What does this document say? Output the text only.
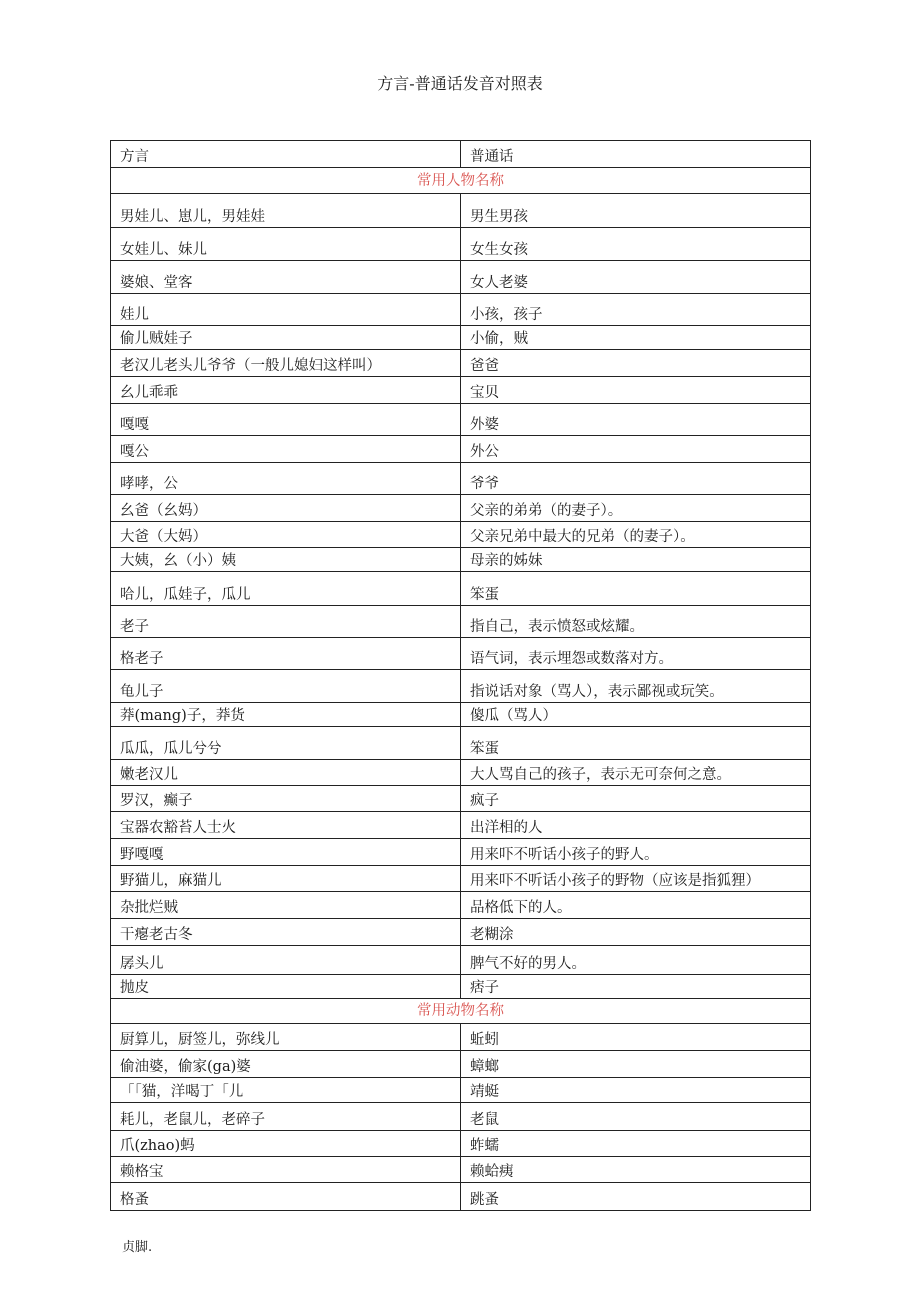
方言-普通话发音对照表
方言	普通话
常用人物名称	
男娃儿、崽儿，男娃娃	男生男孩
女娃儿、妹儿	女生女孩
婆娘、堂客	女人老婆
娃儿	小孩，孩子
偷儿贼娃子	小偷，贼
老汉儿老头儿爷爷（一般儿媳妇这样叫）	爸爸
幺儿乖乖	宝贝
嘎嘎	外婆
嘎公	外公
哮哮，公	爷爷
幺爸（幺妈）	父亲的弟弟（的妻子）。
大爸（大妈）	父亲兄弟中最大的兄弟（的妻子）。
大姨，幺（小）姨	母亲的姊妹
哈儿，瓜娃子，瓜儿	笨蛋
老子	指自己，表示愤怒或炫耀。
格老子	语气词，表示埋怨或数落对方。
龟儿子	指说话对象（骂人），表示鄙视或玩笑。
莽(mang)子，莽货	傻瓜（骂人）
瓜瓜，瓜儿兮兮	笨蛋
嫩老汉儿	大人骂自己的孩子，表示无可奈何之意。
罗汉，癫子	疯子
宝器农豁苔人士火	出洋相的人
野嘎嘎	用来吓不听话小孩子的野人。
野猫儿，麻猫儿	用来吓不听话小孩子的野物（应该是指狐狸）
杂批烂贼	品格低下的人。
干瘪老古冬	老糊涂
孱头儿	脾气不好的男人。
抛皮	痞子
常用动物名称	
厨算儿，厨签儿，弥线儿	蚯蚓
偷油婆，偷家(ga)婆	蟑螂
「「猫，洋喝丁「儿	靖蜓
耗儿，老鼠儿，老碎子	老鼠
爪(zhao)蚂	蚱蠕
赖格宝	赖蛤痍
格蚤	跳蚤
贞脚.
